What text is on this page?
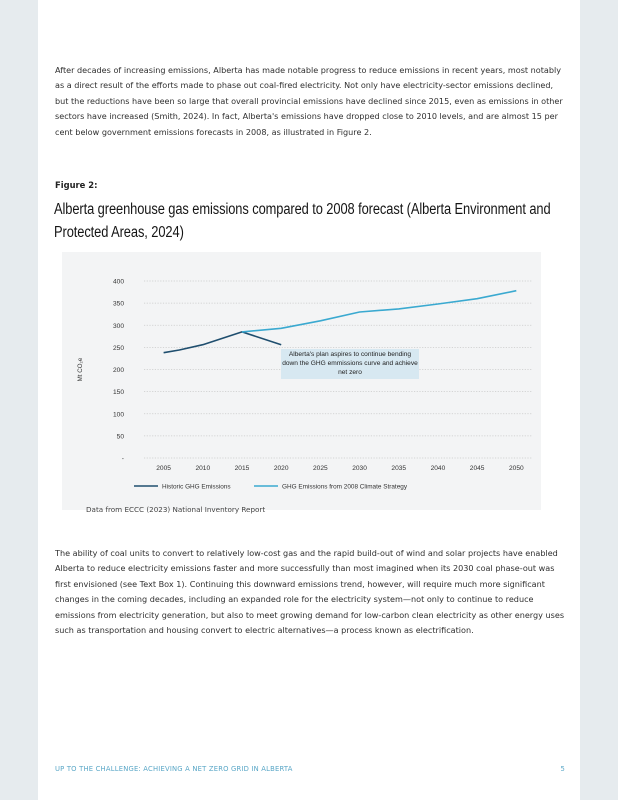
After decades of increasing emissions, Alberta has made notable progress to reduce emissions in recent years, most notably as a direct result of the efforts made to phase out coal-fired electricity. Not only have electricity-sector emissions declined, but the reductions have been so large that overall provincial emissions have declined since 2015, even as emissions in other sectors have increased (Smith, 2024). In fact, Alberta's emissions have dropped close to 2010 levels, and are almost 15 per cent below government emissions forecasts in 2008, as illustrated in Figure 2.

Figure 2:
Alberta greenhouse gas emissions compared to 2008 forecast (Alberta Environment and Protected Areas, 2024)
400
350
300
250
200
150
100
50
-
Mt CO₂e
2005	2010	2015	2020	2025	2030	2035	2040	2045	2050
Historic GHG Emissions	GHG Emissions from 2008 Climate Strategy
Alberta's plan aspires to continue bending down the GHG emmissions curve and achieve net zero
Data from ECCC (2023) National Inventory Report

The ability of coal units to convert to relatively low-cost gas and the rapid build-out of wind and solar projects have enabled Alberta to reduce electricity emissions faster and more successfully than most imagined when its 2030 coal phase-out was first envisioned (see Text Box 1). Continuing this downward emissions trend, however, will require much more significant changes in the coming decades, including an expanded role for the electricity system—not only to continue to reduce emissions from electricity generation, but also to meet growing demand for low-carbon clean electricity as other energy uses such as transportation and housing convert to electric alternatives—a process known as electrification.

UP TO THE CHALLENGE: ACHIEVING A NET ZERO GRID IN ALBERTA	5
